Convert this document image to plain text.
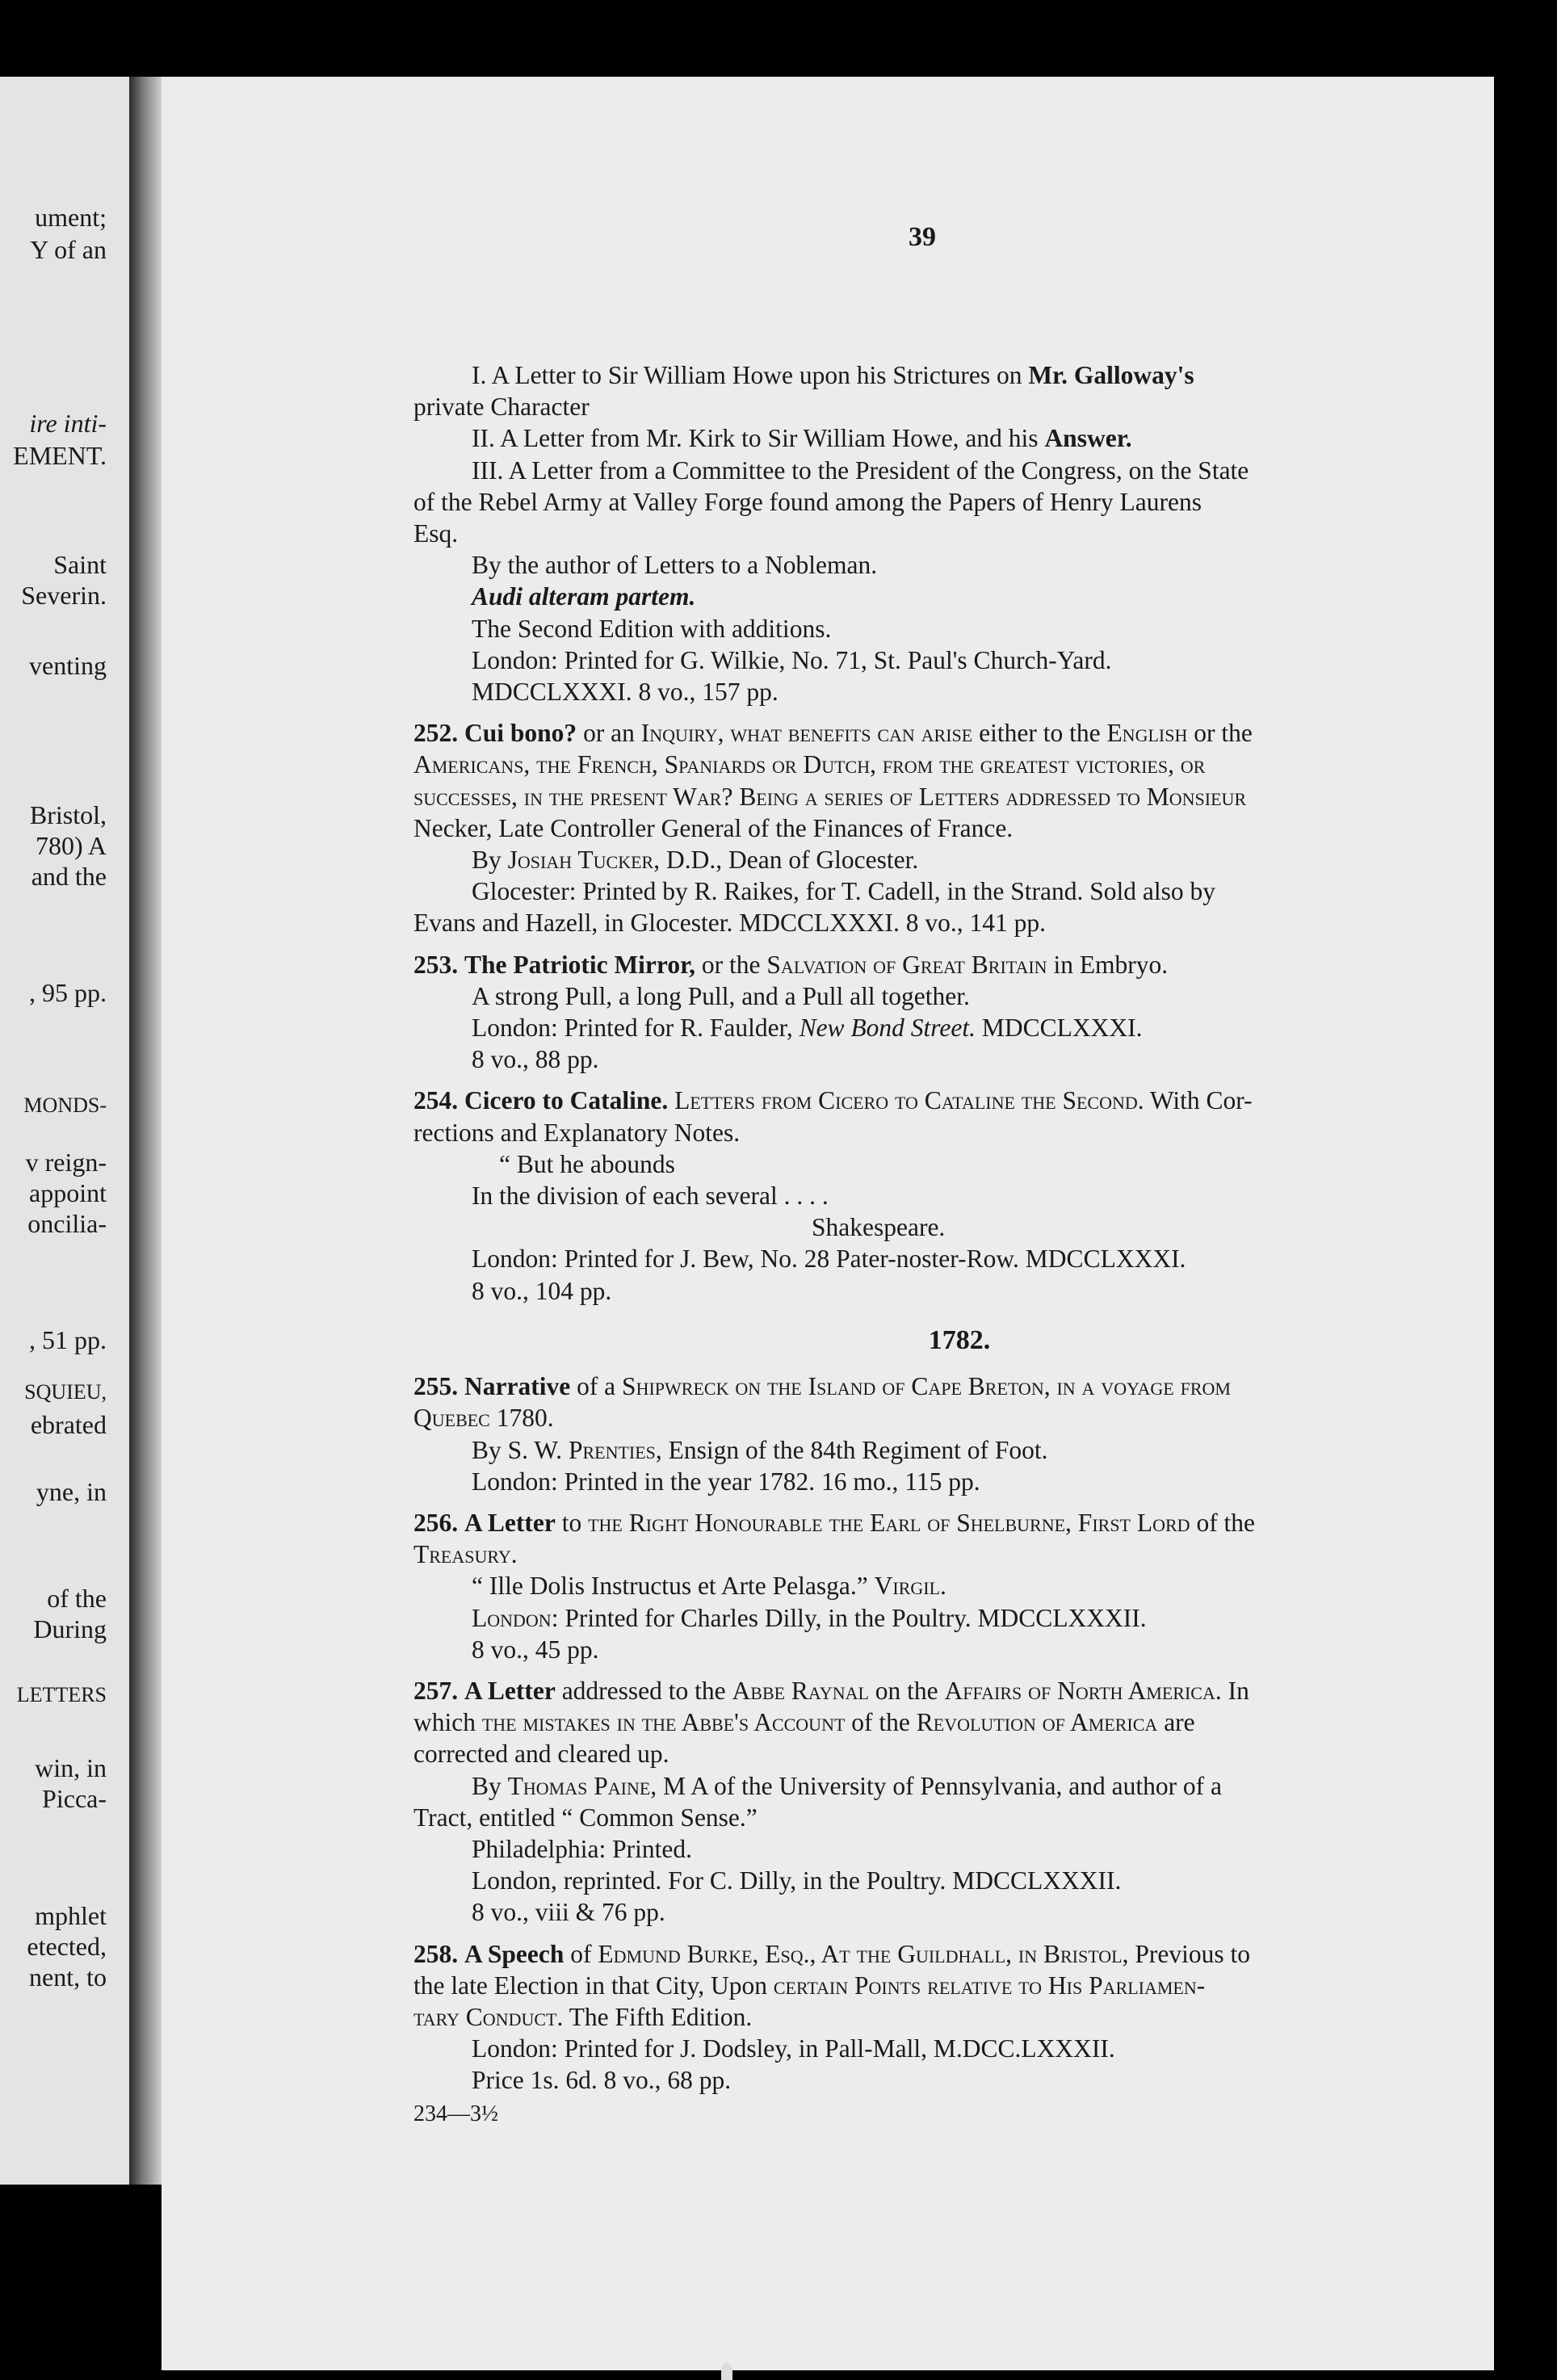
ument;
Y of an
ire inti-
EMENT.
Saint
Severin.
venting
Bristol,
780) A
and the
, 95 pp.
MONDS-
v reign-
appoint
oncilia-
, 51 pp.
SQUIEU,
ebrated
yne, in
of the
During
LETTERS
win, in
Picca-
mphlet
etected,
nent, to
39

I. A Letter to Sir William Howe upon his Strictures on Mr. Galloway's

private Character

II. A Letter from Mr. Kirk to Sir William Howe, and his Answer.

III. A Letter from a Committee to the President of the Congress, on the State

of the Rebel Army at Valley Forge found among the Papers of Henry Laurens

Esq.

By the author of Letters to a Nobleman.

Audi alteram partem.

The Second Edition with additions.

London: Printed for G. Wilkie, No. 71, St. Paul's Church-Yard.

MDCCLXXXI. 8 vo., 157 pp.

252. Cui bono? or an Inquiry, what benefits can arise either to the English or the

Americans, the French, Spaniards or Dutch, from the greatest victories, or

successes, in the present War? Being a series of Letters addressed to Monsieur

Necker, Late Controller General of the Finances of France.

By Josiah Tucker, D.D., Dean of Glocester.

Glocester: Printed by R. Raikes, for T. Cadell, in the Strand. Sold also by

Evans and Hazell, in Glocester. MDCCLXXXI. 8 vo., 141 pp.

253. The Patriotic Mirror, or the Salvation of Great Britain in Embryo.

A strong Pull, a long Pull, and a Pull all together.

London: Printed for R. Faulder, New Bond Street. MDCCLXXXI.

8 vo., 88 pp.

254. Cicero to Cataline. Letters from Cicero to Cataline the Second. With Cor-

rections and Explanatory Notes.

“ But he abounds

In the division of each several . . . .

Shakespeare.

London: Printed for J. Bew, No. 28 Pater-noster-Row. MDCCLXXXI.

8 vo., 104 pp.

1782.

255. Narrative of a Shipwreck on the Island of Cape Breton, in a voyage from

Quebec 1780.

By S. W. Prenties, Ensign of the 84th Regiment of Foot.

London: Printed in the year 1782. 16 mo., 115 pp.

256. A Letter to the Right Honourable the Earl of Shelburne, First Lord of the

Treasury.

“ Ille Dolis Instructus et Arte Pelasga.” Virgil.

London: Printed for Charles Dilly, in the Poultry. MDCCLXXXII.

8 vo., 45 pp.

257. A Letter addressed to the Abbe Raynal on the Affairs of North America. In

which the mistakes in the Abbe's Account of the Revolution of America are

corrected and cleared up.

By Thomas Paine, M A of the University of Pennsylvania, and author of a

Tract, entitled “ Common Sense.”

Philadelphia: Printed.

London, reprinted. For C. Dilly, in the Poultry. MDCCLXXXII.

8 vo., viii & 76 pp.

258. A Speech of Edmund Burke, Esq., At the Guildhall, in Bristol, Previous to

the late Election in that City, Upon certain Points relative to His Parliamen-

tary Conduct. The Fifth Edition.

London: Printed for J. Dodsley, in Pall-Mall, M.DCC.LXXXII.

Price 1s. 6d. 8 vo., 68 pp.

234—3½
